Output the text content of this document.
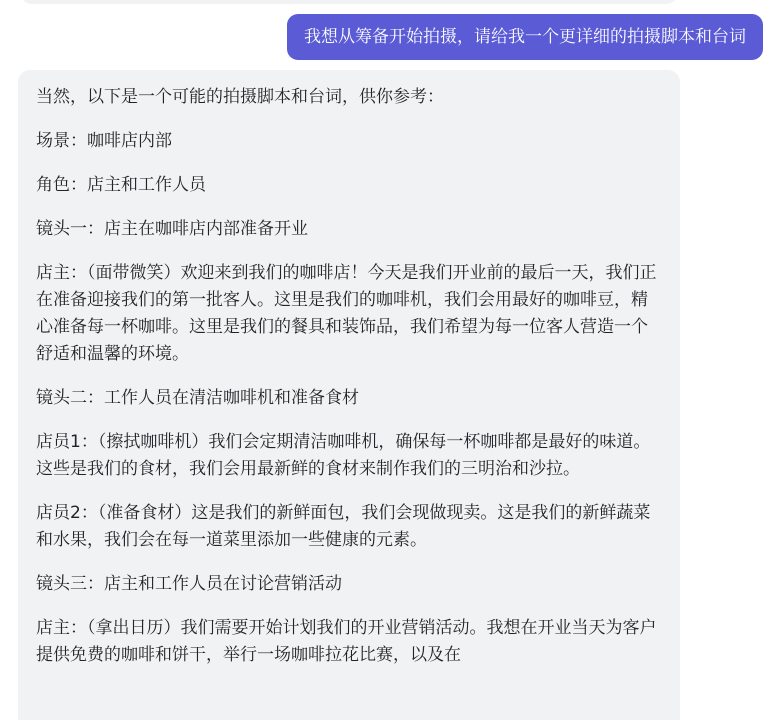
我想从筹备开始拍摄，请给我一个更详细的拍摄脚本和台词

当然，以下是一个可能的拍摄脚本和台词，供你参考：

场景：咖啡店内部

角色：店主和工作人员

镜头一：店主在咖啡店内部准备开业

店主：（面带微笑）欢迎来到我们的咖啡店！今天是我们开业前的最后一天，我们正在准备迎接我们的第一批客人。这里是我们的咖啡机，我们会用最好的咖啡豆，精心准备每一杯咖啡。这里是我们的餐具和装饰品，我们希望为每一位客人营造一个舒适和温馨的环境。

镜头二：工作人员在清洁咖啡机和准备食材

店员1：（擦拭咖啡机）我们会定期清洁咖啡机，确保每一杯咖啡都是最好的味道。这些是我们的食材，我们会用最新鲜的食材来制作我们的三明治和沙拉。

店员2：（准备食材）这是我们的新鲜面包，我们会现做现卖。这是我们的新鲜蔬菜和水果，我们会在每一道菜里添加一些健康的元素。

镜头三：店主和工作人员在讨论营销活动

店主：（拿出日历）我们需要开始计划我们的开业营销活动。我想在开业当天为客户提供免费的咖啡和饼干，举行一场咖啡拉花比赛，以及在
